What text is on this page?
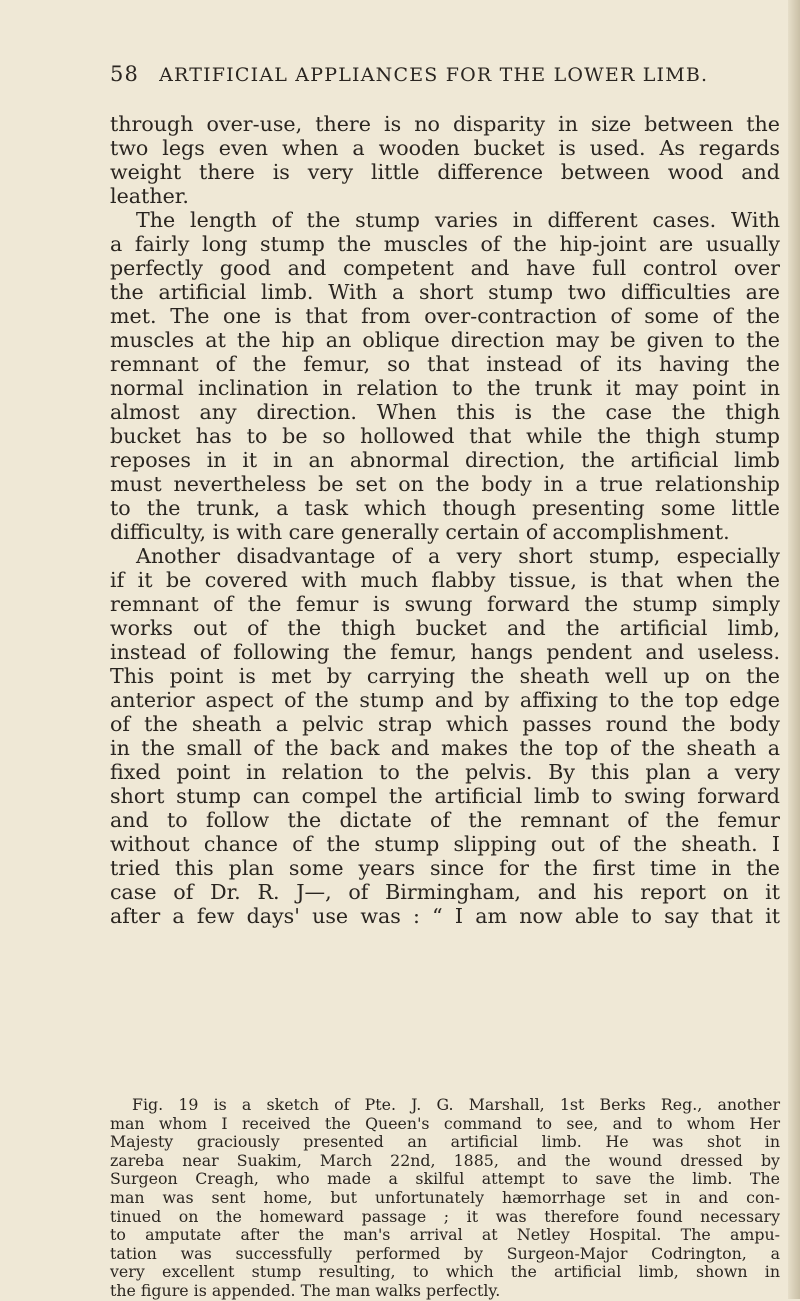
58 ARTIFICIAL APPLIANCES FOR THE LOWER LIMB.

through over-use, there is no disparity in size between the
two legs even when a wooden bucket is used. As regards
weight there is very little difference between wood and
leather.

The length of the stump varies in different cases. With
a fairly long stump the muscles of the hip-joint are usually
perfectly good and competent and have full control over
the artificial limb. With a short stump two difficulties are
met. The one is that from over-contraction of some of the
muscles at the hip an oblique direction may be given to the
remnant of the femur, so that instead of its having the
normal inclination in relation to the trunk it may point in
almost any direction. When this is the case the thigh
bucket has to be so hollowed that while the thigh stump
reposes in it in an abnormal direction, the artificial limb
must nevertheless be set on the body in a true relationship
to the trunk, a task which though presenting some little
difficulty, is with care generally certain of accomplishment.

Another disadvantage of a very short stump, especially
if it be covered with much flabby tissue, is that when the
remnant of the femur is swung forward the stump simply
works out of the thigh bucket and the artificial limb,
instead of following the femur, hangs pendent and useless.
This point is met by carrying the sheath well up on the
anterior aspect of the stump and by affixing to the top edge
of the sheath a pelvic strap which passes round the body
in the small of the back and makes the top of the sheath a
fixed point in relation to the pelvis. By this plan a very
short stump can compel the artificial limb to swing forward
and to follow the dictate of the remnant of the femur
without chance of the stump slipping out of the sheath. I
tried this plan some years since for the first time in the
case of Dr. R. J—, of Birmingham, and his report on it
after a few days' use was : “ I am now able to say that it

Fig. 19 is a sketch of Pte. J. G. Marshall, 1st Berks Reg., another
man whom I received the Queen's command to see, and to whom Her
Majesty graciously presented an artificial limb. He was shot in
zareba near Suakim, March 22nd, 1885, and the wound dressed by
Surgeon Creagh, who made a skilful attempt to save the limb. The
man was sent home, but unfortunately hæmorrhage set in and con-
tinued on the homeward passage ; it was therefore found necessary
to amputate after the man's arrival at Netley Hospital. The ampu-
tation was successfully performed by Surgeon-Major Codrington, a
very excellent stump resulting, to which the artificial limb, shown in
the figure is appended. The man walks perfectly.
